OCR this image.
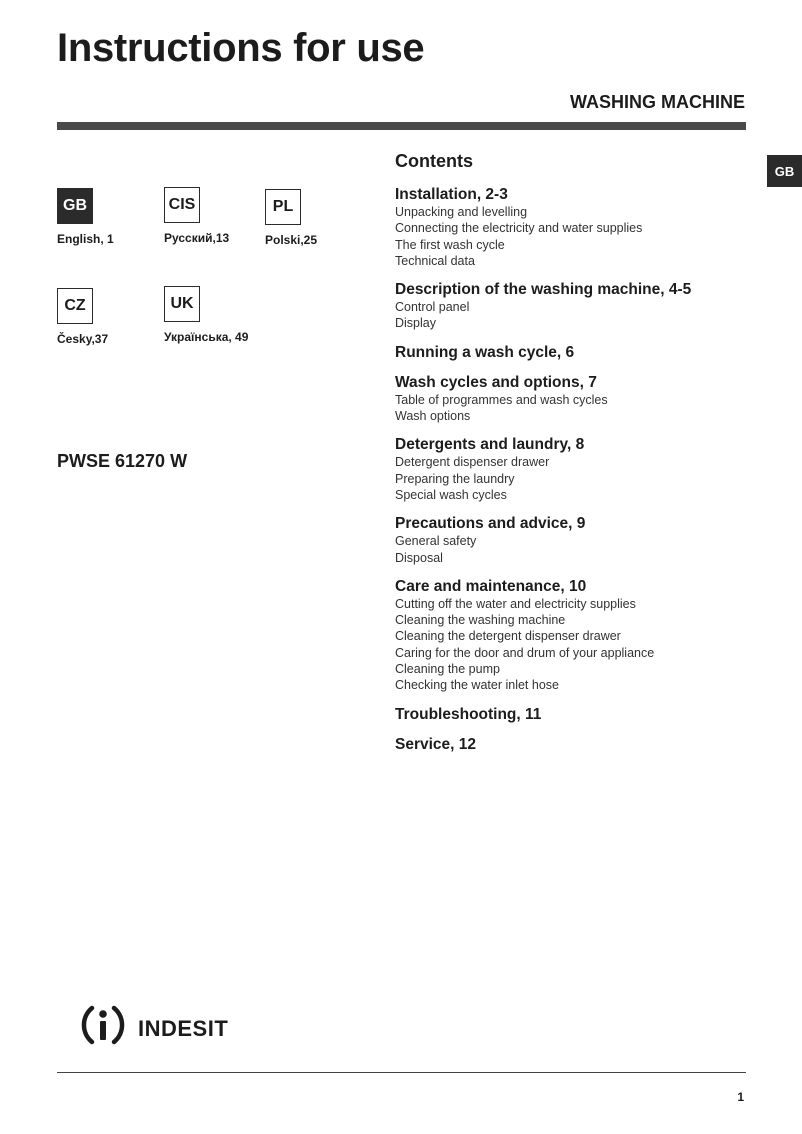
Instructions for use
WASHING MACHINE
GB
GB
English, 1
CIS
Русский,13
PL
Polski,25
CZ
Česky,37
UK
Українська, 49
PWSE 61270 W
Contents
Installation, 2-3
Unpacking and levelling
Connecting the electricity and water supplies
The first wash cycle
Technical data
Description of the washing machine, 4-5
Control panel
Display
Running a wash cycle, 6
Wash cycles and options, 7
Table of programmes and wash cycles
Wash options
Detergents and laundry, 8
Detergent dispenser drawer
Preparing the laundry
Special wash cycles
Precautions and advice, 9
General safety
Disposal
Care and maintenance, 10
Cutting off the water and electricity supplies
Cleaning the washing machine
Cleaning the detergent dispenser drawer
Caring for the door and drum of your appliance
Cleaning the pump
Checking the water inlet hose
Troubleshooting, 11
Service, 12
indesit
1
